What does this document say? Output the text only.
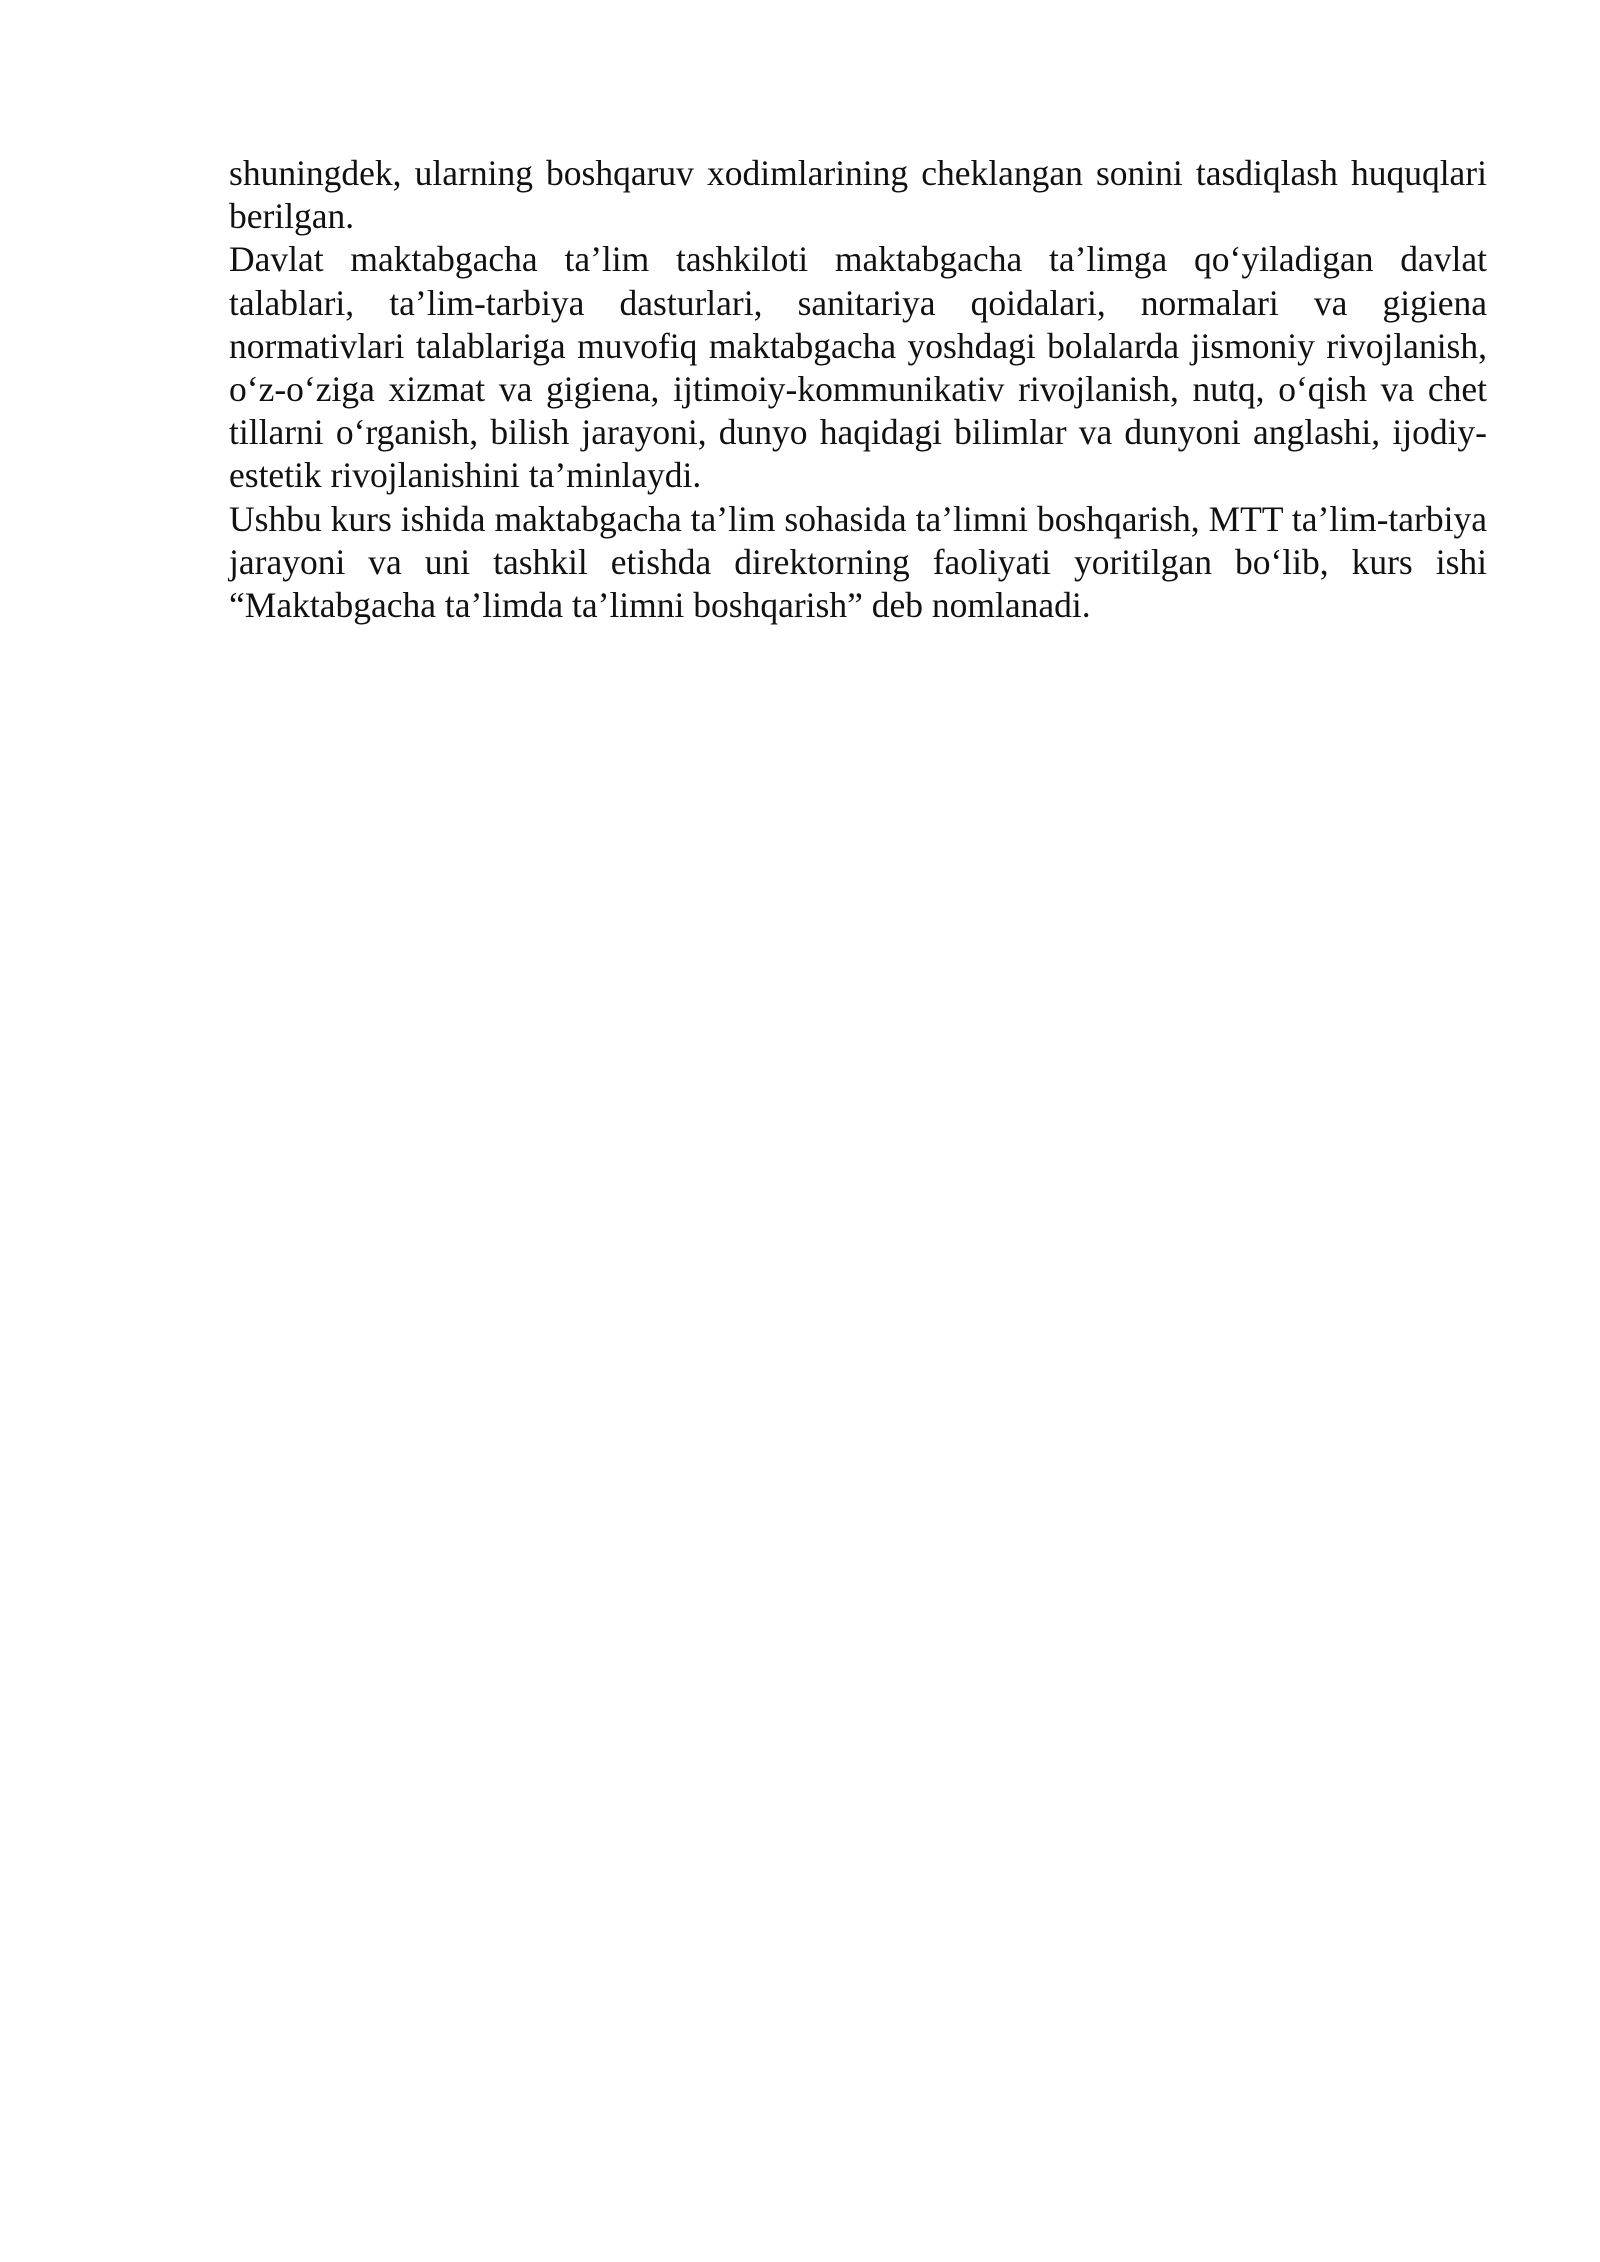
shuningdek, ularning boshqaruv xodimlarining cheklangan sonini tasdiqlash huquqlari berilgan.

Davlat maktabgacha ta’lim tashkiloti maktabgacha ta’limga qo‘yiladigan davlat talablari, ta’lim-tarbiya dasturlari, sanitariya qoidalari, normalari va gigiena normativlari talablariga muvofiq maktabgacha yoshdagi bolalarda jismoniy rivojlanish, o‘z-o‘ziga xizmat va gigiena, ijtimoiy-kommunikativ rivojlanish, nutq, o‘qish va chet tillarni o‘rganish, bilish jarayoni, dunyo haqidagi bilimlar va dunyoni anglashi, ijodiy-estetik rivojlanishini ta’minlaydi.

Ushbu kurs ishida maktabgacha ta’lim sohasida ta’limni boshqarish, MTT ta’lim-tarbiya jarayoni va uni tashkil etishda direktorning faoliyati yoritilgan bo‘lib, kurs ishi “Maktabgacha ta’limda ta’limni boshqarish” deb nomlanadi.
